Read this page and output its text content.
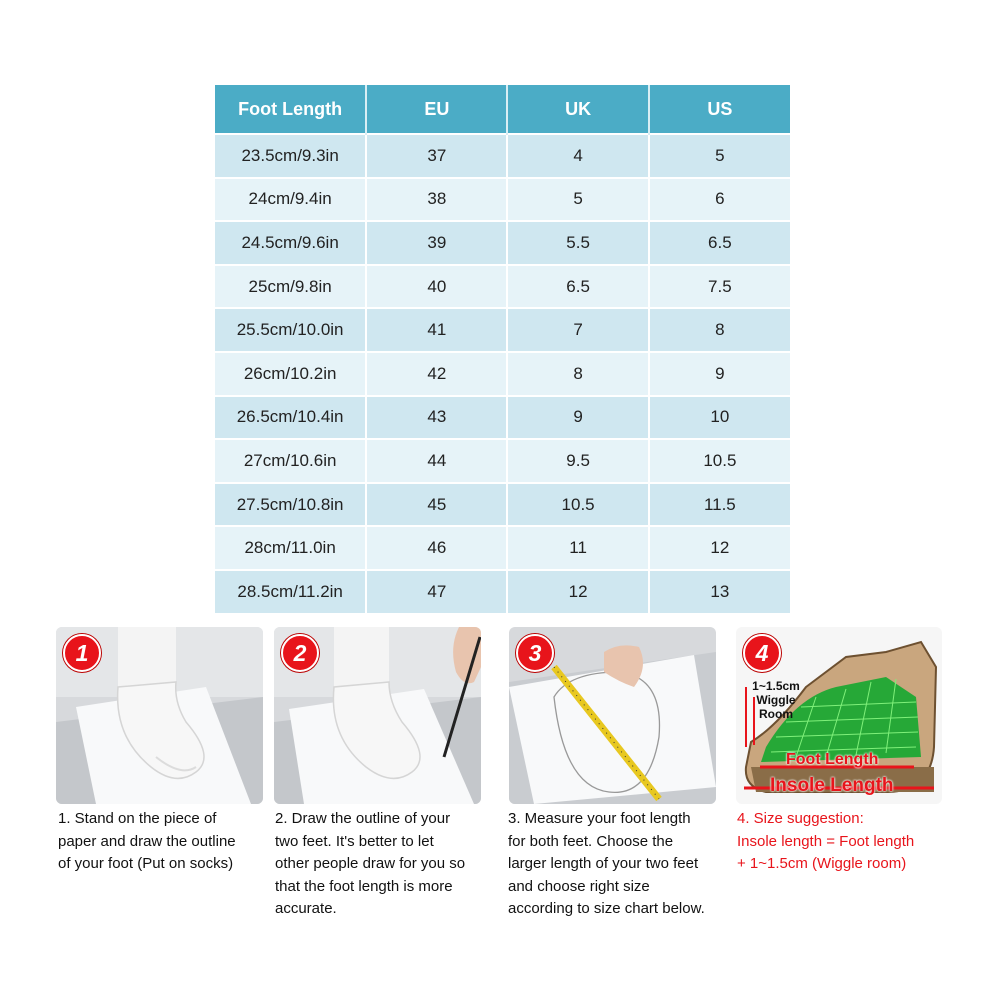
Foot Length	EU	UK	US
23.5cm/9.3in	37	4	5
24cm/9.4in	38	5	6
24.5cm/9.6in	39	5.5	6.5
25cm/9.8in	40	6.5	7.5
25.5cm/10.0in	41	7	8
26cm/10.2in	42	8	9
26.5cm/10.4in	43	9	10
27cm/10.6in	44	9.5	10.5
27.5cm/10.8in	45	10.5	11.5
28cm/11.0in	46	11	12
28.5cm/11.2in	47	12	13
1	2	3	4
1~1.5cm
Wiggle Room
Foot Length
Insole Length
1. Stand on the piece of
paper and draw the outline
of your foot (Put on socks)
2. Draw the outline of your
two feet. It's better to let
other people draw for you so
that the foot length is more
accurate.
3. Measure your foot length
for both feet. Choose the
larger length of your two feet
and choose right size
according to size chart below.
4. Size suggestion:
Insole length = Foot length
+ 1~1.5cm (Wiggle room)
